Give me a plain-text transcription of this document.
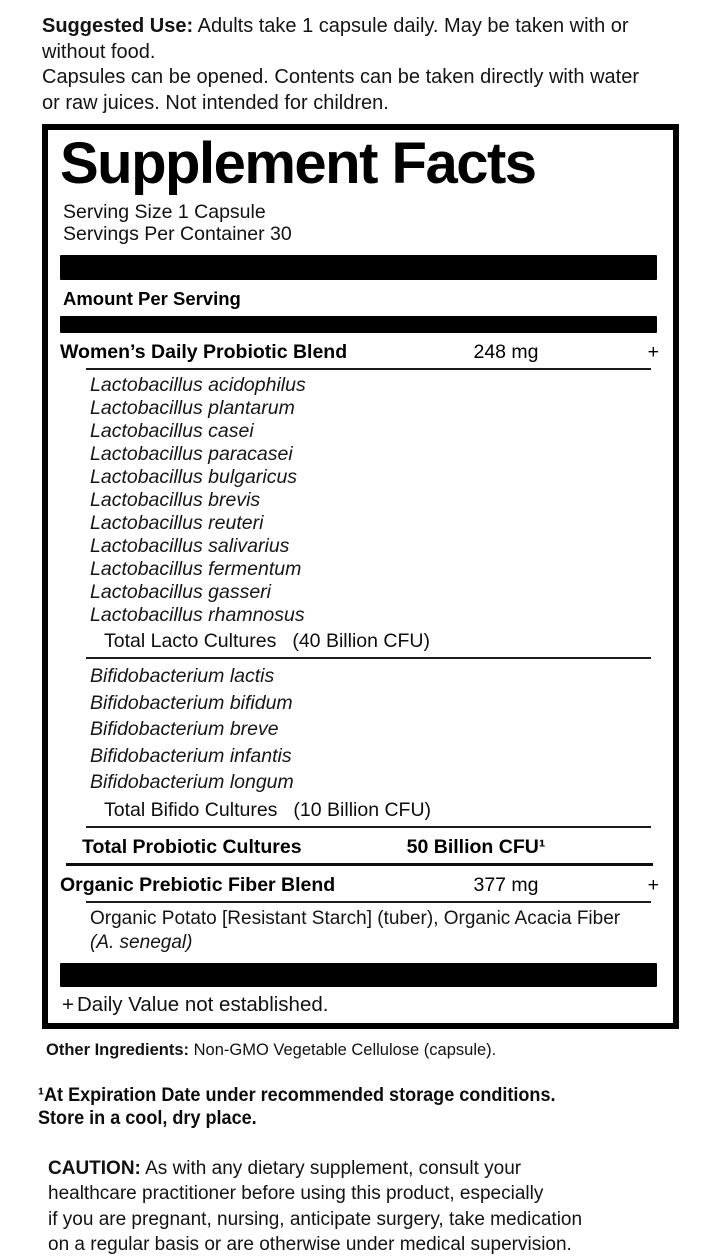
Suggested Use: Adults take 1 capsule daily. May be taken with or without food.
Capsules can be opened. Contents can be taken directly with water
or raw juices. Not intended for children.

Supplement Facts
Serving Size 1 Capsule
Servings Per Container 30
Amount Per Serving
Women’s Daily Probiotic Blend	248 mg	+
Lactobacillus acidophilus
Lactobacillus plantarum
Lactobacillus casei
Lactobacillus paracasei
Lactobacillus bulgaricus
Lactobacillus brevis
Lactobacillus reuteri
Lactobacillus salivarius
Lactobacillus fermentum
Lactobacillus gasseri
Lactobacillus rhamnosus
Total Lacto Cultures (40 Billion CFU)
Bifidobacterium lactis
Bifidobacterium bifidum
Bifidobacterium breve
Bifidobacterium infantis
Bifidobacterium longum
Total Bifido Cultures (10 Billion CFU)
Total Probiotic Cultures	50 Billion CFU¹
Organic Prebiotic Fiber Blend	377 mg	+
Organic Potato [Resistant Starch] (tuber), Organic Acacia Fiber
(A. senegal)
+ Daily Value not established.

Other Ingredients: Non-GMO Vegetable Cellulose (capsule).

¹At Expiration Date under recommended storage conditions.
Store in a cool, dry place.

CAUTION: As with any dietary supplement, consult your
healthcare practitioner before using this product, especially
if you are pregnant, nursing, anticipate surgery, take medication
on a regular basis or are otherwise under medical supervision.
